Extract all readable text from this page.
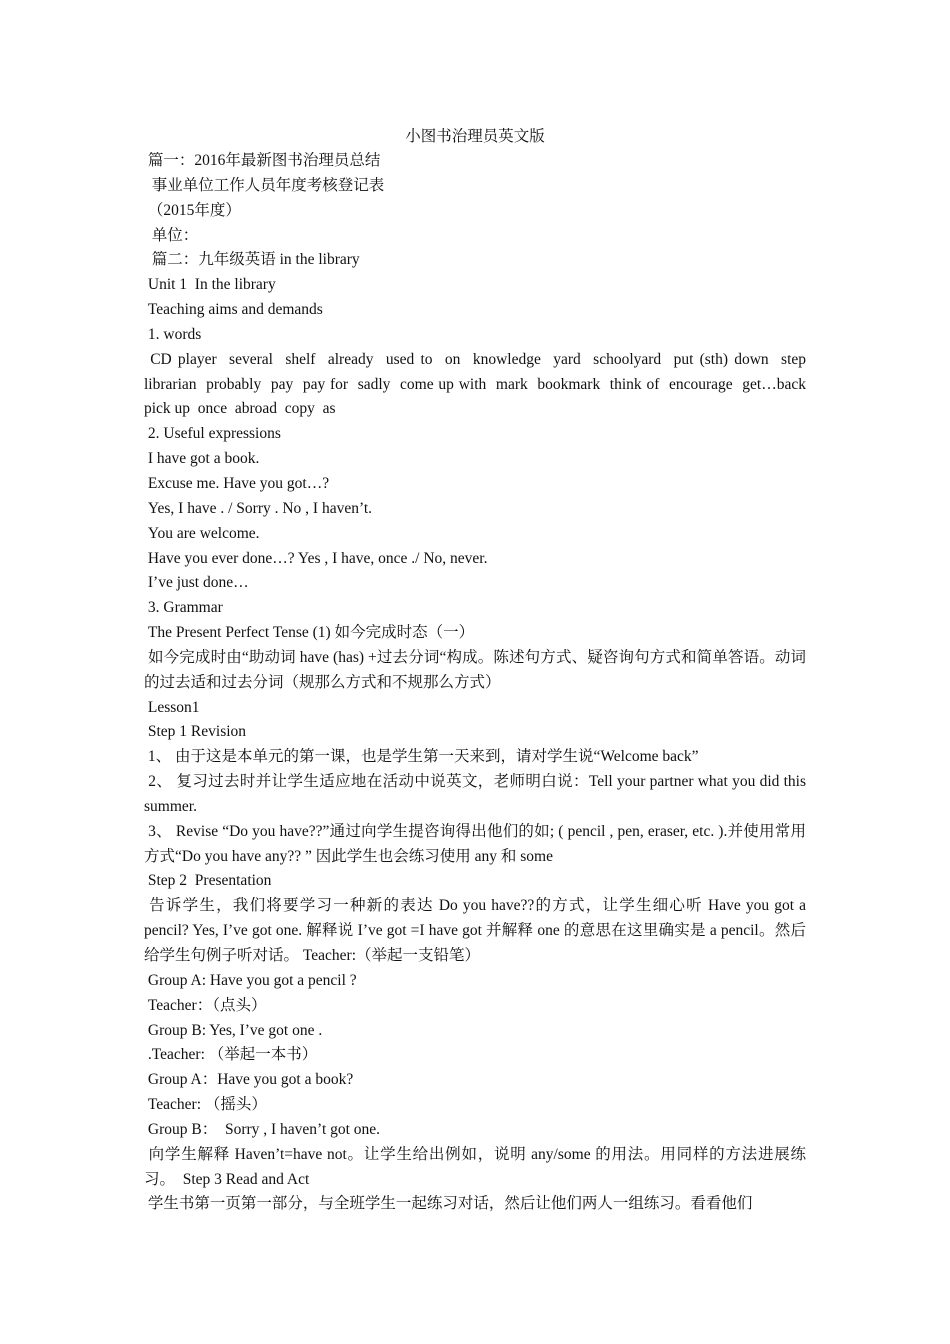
小图书治理员英文版

篇一：2016年最新图书治理员总结

事业单位工作人员年度考核登记表

（2015年度）

单位：

篇二：九年级英语 in the library

Unit 1  In the library

Teaching aims and demands

1. words

CD player  several  shelf  already  used to  on  knowledge  yard  schoolyard  put (sth) down  step  librarian  probably  pay  pay for  sadly  come up with  mark  bookmark  think of  encourage  get…back  pick up  once  abroad  copy  as

2. Useful expressions

I have got a book.

Excuse me. Have you got…?

Yes, I have . / Sorry . No , I haven’t.

You are welcome.

Have you ever done…? Yes , I have, once ./ No, never.

I’ve just done…

3. Grammar

The Present Perfect Tense (1) 如今完成时态（一）

如今完成时由“助动词 have (has) +过去分词“构成。陈述句方式、疑咨询句方式和简单答语。动词的过去适和过去分词（规那么方式和不规那么方式）

Lesson1

Step 1 Revision

1、 由于这是本单元的第一课，也是学生第一天来到，请对学生说“Welcome back”

2、 复习过去时并让学生适应地在活动中说英文，老师明白说：Tell your partner what you did this summer.

3、 Revise “Do you have??”通过向学生提咨询得出他们的如; ( pencil , pen, eraser, etc. ).并使用常用方式“Do you have any?? ” 因此学生也会练习使用 any 和 some

Step 2  Presentation

告诉学生，我们将要学习一种新的表达 Do you have??的方式，让学生细心听 Have you got a pencil? Yes, I’ve got one. 解释说 I’ve got =I have got 并解释 one 的意思在这里确实是 a pencil。然后给学生句例子听对话。 Teacher:（举起一支铅笔）

Group A: Have you got a pencil ?

Teacher：（点头）

Group B: Yes, I’ve got one .

.Teacher: （举起一本书）

Group A：Have you got a book?

Teacher: （摇头）

Group B：  Sorry , I haven’t got one.

向学生解释 Haven’t=have not。让学生给出例如，说明 any/some 的用法。用同样的方法进展练习。  Step 3 Read and Act

学生书第一页第一部分，与全班学生一起练习对话，然后让他们两人一组练习。看看他们
